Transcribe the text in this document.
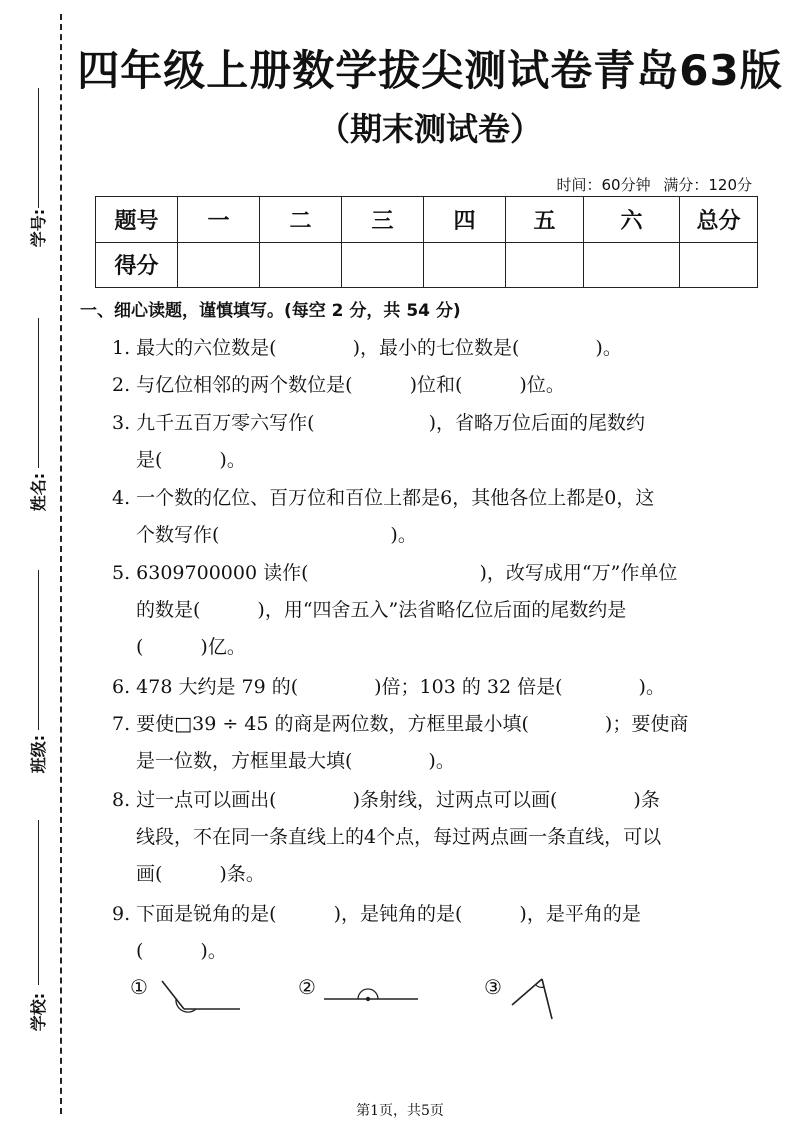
学号:
姓名:
班级:
学校:
四年级上册数学拔尖测试卷青岛63版
（期末测试卷）
时间：60分钟 满分：120分
题号	一	二	三	四	五	六	总分
得分							
一、细心读题，谨慎填写。(每空 2 分，共 54 分)
1. 最大的六位数是(　　　　)，最小的七位数是(　　　　)。
2. 与亿位相邻的两个数位是(　　　)位和(　　　)位。
3. 九千五百万零六写作(　　　　　　)，省略万位后面的尾数约
是(　　　)。
4. 一个数的亿位、百万位和百位上都是6，其他各位上都是0，这
个数写作(　　　　　　　　　)。
5. 6309700000 读作(　　　　　　　　　)，改写成用“万”作单位
的数是(　　　)，用“四舍五入”法省略亿位后面的尾数约是
(　　　)亿。
6. 478 大约是 79 的(　　　　)倍；103 的 32 倍是(　　　　)。
7. 要使□39 ÷ 45 的商是两位数，方框里最小填(　　　　)；要使商
是一位数，方框里最大填(　　　　)。
8. 过一点可以画出(　　　　)条射线，过两点可以画(　　　　)条
线段，不在同一条直线上的4个点，每过两点画一条直线，可以
画(　　　)条。
9. 下面是锐角的是(　　　)，是钝角的是(　　　)，是平角的是
(　　　)。
①	②	③
第1页，共5页
